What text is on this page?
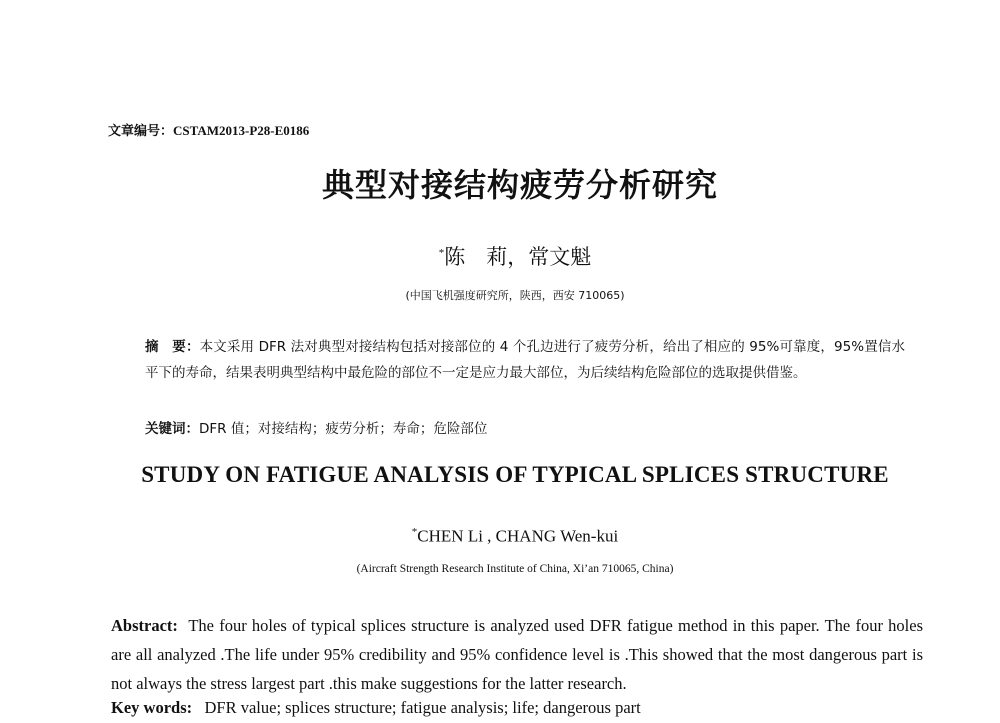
文章编号：CSTAM2013-P28-E0186
典型对接结构疲劳分析研究
*陈　莉，常文魁
(中国飞机强度研究所，陕西，西安 710065)
摘　要：本文采用 DFR 法对典型对接结构包括对接部位的 4 个孔边进行了疲劳分析，给出了相应的 95%可靠度，95%置信水平下的寿命，结果表明典型结构中最危险的部位不一定是应力最大部位，为后续结构危险部位的选取提供借鉴。
关键词：DFR 值；对接结构；疲劳分析；寿命；危险部位
STUDY ON FATIGUE ANALYSIS OF TYPICAL SPLICES STRUCTURE
*CHEN Li , CHANG Wen-kui
(Aircraft Strength Research Institute of China, Xi’an 710065, China)
Abstract: The four holes of typical splices structure is analyzed used DFR fatigue method in this paper. The four holes are all analyzed .The life under 95% credibility and 95% confidence level is .This showed that the most dangerous part is not always the stress largest part .this make suggestions for the latter research.
Key words: DFR value; splices structure; fatigue analysis; life; dangerous part
